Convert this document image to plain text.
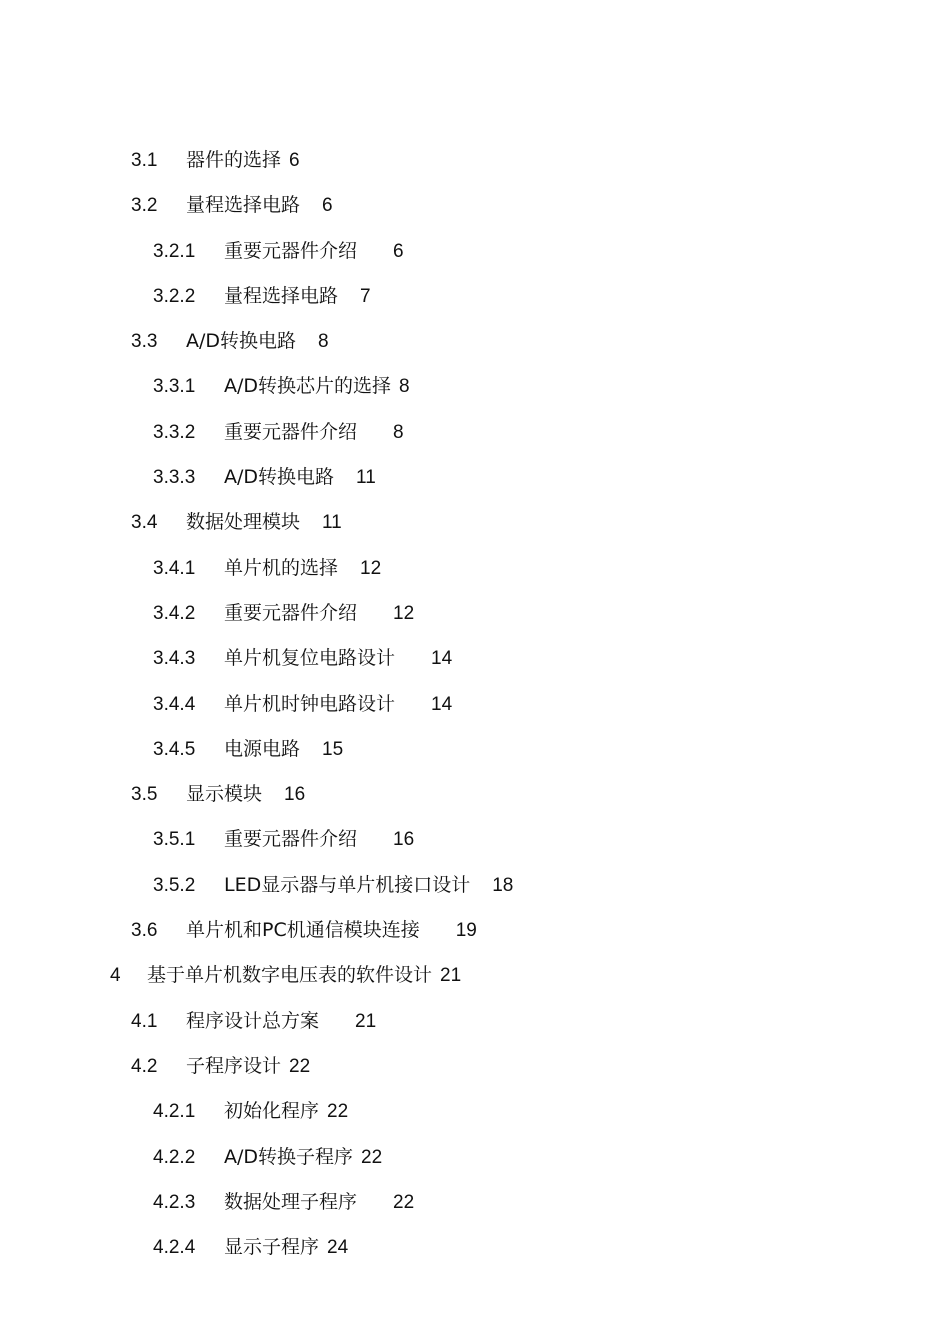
3.1 器件的选择 6
3.2 量程选择电路 6
3.2.1 重要元器件介绍 6
3.2.2 量程选择电路 7
3.3 A/D转换电路 8
3.3.1 A/D转换芯片的选择 8
3.3.2 重要元器件介绍 8
3.3.3 A/D转换电路 11
3.4 数据处理模块 11
3.4.1 单片机的选择 12
3.4.2 重要元器件介绍 12
3.4.3 单片机复位电路设计 14
3.4.4 单片机时钟电路设计 14
3.4.5 电源电路 15
3.5 显示模块 16
3.5.1 重要元器件介绍 16
3.5.2 LED显示器与单片机接口设计 18
3.6 单片机和PC机通信模块连接 19
4 基于单片机数字电压表的软件设计 21
4.1 程序设计总方案 21
4.2 子程序设计 22
4.2.1 初始化程序 22
4.2.2 A/D转换子程序 22
4.2.3 数据处理子程序 22
4.2.4 显示子程序 24
